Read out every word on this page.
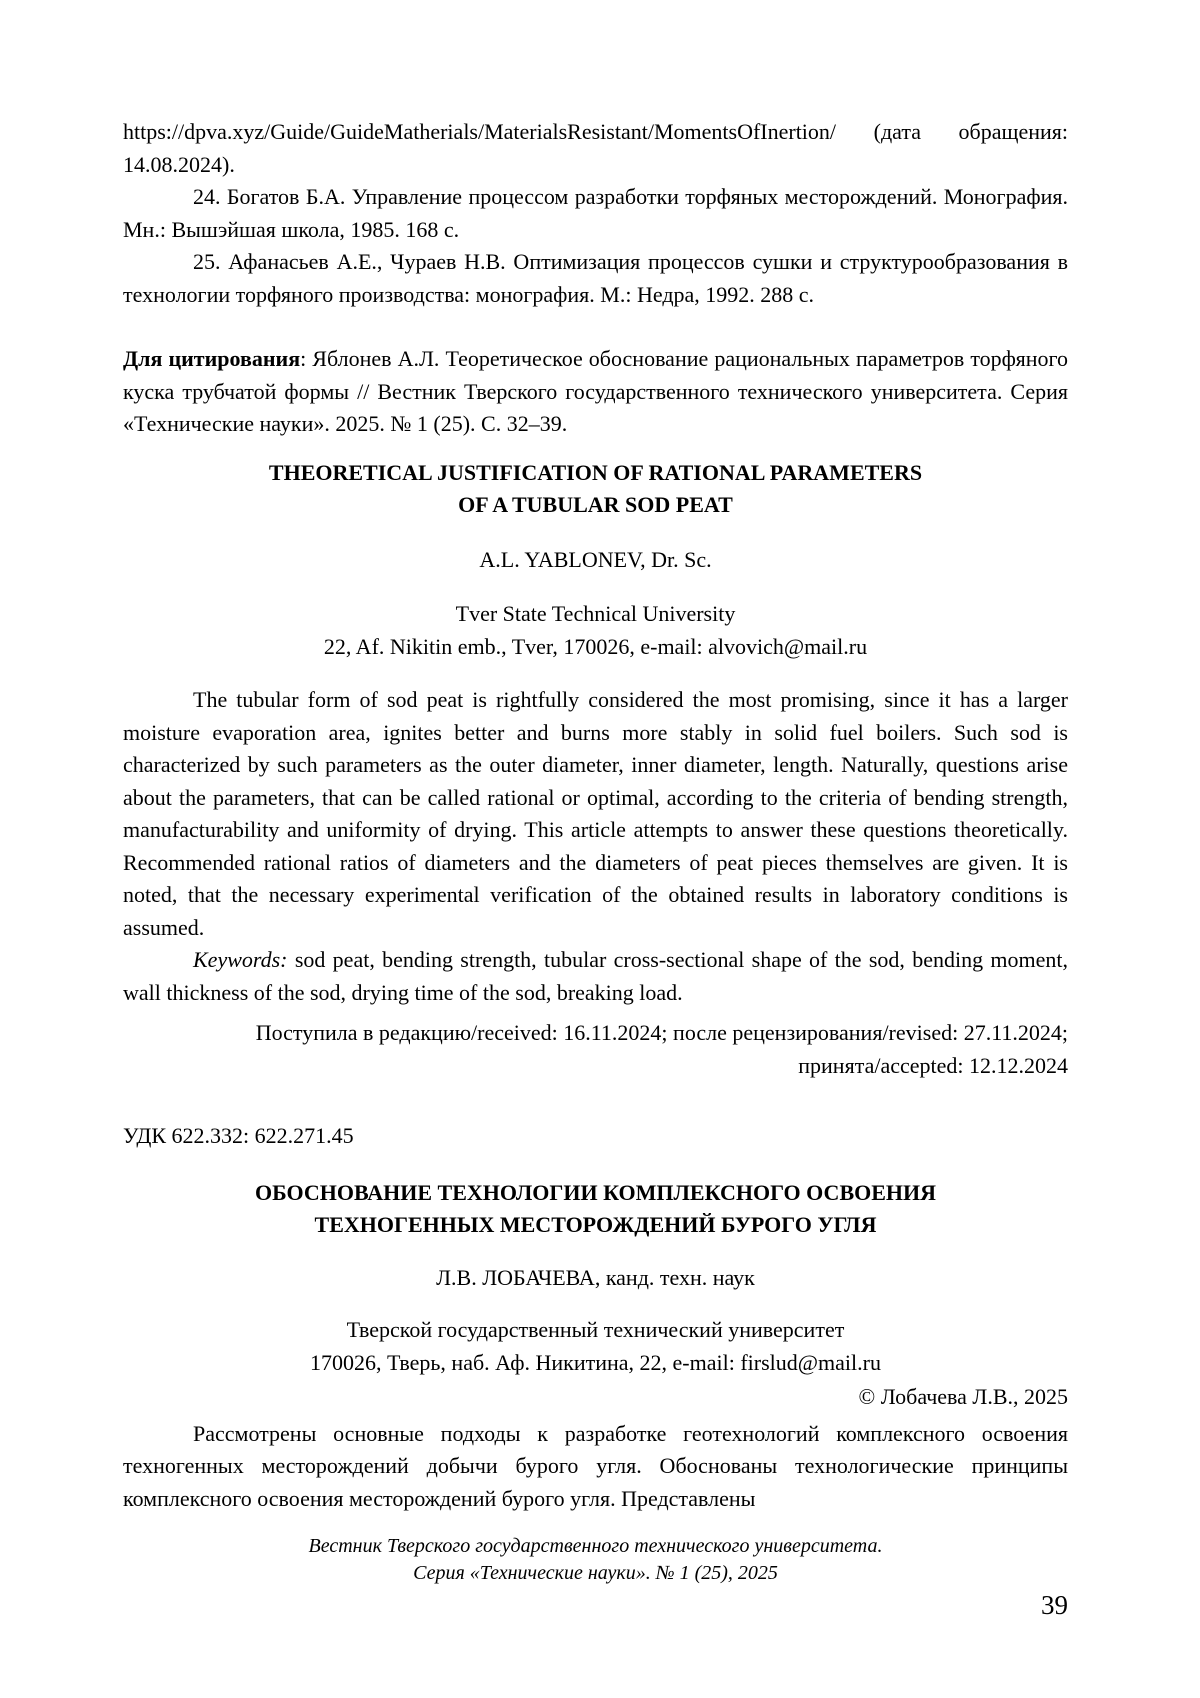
https://dpva.xyz/Guide/GuideMatherials/MaterialsResistant/MomentsOfInertion/ (дата обращения: 14.08.2024).

24. Богатов Б.А. Управление процессом разработки торфяных месторождений. Монография. Мн.: Вышэйшая школа, 1985. 168 с.

25. Афанасьев А.Е., Чураев Н.В. Оптимизация процессов сушки и структурообразования в технологии торфяного производства: монография. М.: Недра, 1992. 288 с.

Для цитирования: Яблонев А.Л. Теоретическое обоснование рациональных параметров торфяного куска трубчатой формы // Вестник Тверского государственного технического университета. Серия «Технические науки». 2025. № 1 (25). С. 32–39.

THEORETICAL JUSTIFICATION OF RATIONAL PARAMETERS
OF A TUBULAR SOD PEAT

A.L. YABLONEV, Dr. Sc.

Tver State Technical University
22, Af. Nikitin emb., Tver, 170026, e-mail: alvovich@mail.ru

The tubular form of sod peat is rightfully considered the most promising, since it has a larger moisture evaporation area, ignites better and burns more stably in solid fuel boilers. Such sod is characterized by such parameters as the outer diameter, inner diameter, length. Naturally, questions arise about the parameters, that can be called rational or optimal, according to the criteria of bending strength, manufacturability and uniformity of drying. This article attempts to answer these questions theoretically. Recommended rational ratios of diameters and the diameters of peat pieces themselves are given. It is noted, that the necessary experimental verification of the obtained results in laboratory conditions is assumed.

Keywords: sod peat, bending strength, tubular cross-sectional shape of the sod, bending moment, wall thickness of the sod, drying time of the sod, breaking load.

Поступила в редакцию/received: 16.11.2024; после рецензирования/revised: 27.11.2024;
принята/accepted: 12.12.2024

УДК 622.332: 622.271.45

ОБОСНОВАНИЕ ТЕХНОЛОГИИ КОМПЛЕКСНОГО ОСВОЕНИЯ
ТЕХНОГЕННЫХ МЕСТОРОЖДЕНИЙ БУРОГО УГЛЯ

Л.В. ЛОБАЧЕВА, канд. техн. наук

Тверской государственный технический университет
170026, Тверь, наб. Аф. Никитина, 22, e-mail: firslud@mail.ru

© Лобачева Л.В., 2025

Рассмотрены основные подходы к разработке геотехнологий комплексного освоения техногенных месторождений добычи бурого угля. Обоснованы технологические принципы комплексного освоения месторождений бурого угля. Представлены

Вестник Тверского государственного технического университета.
Серия «Технические науки». № 1 (25), 2025

39
